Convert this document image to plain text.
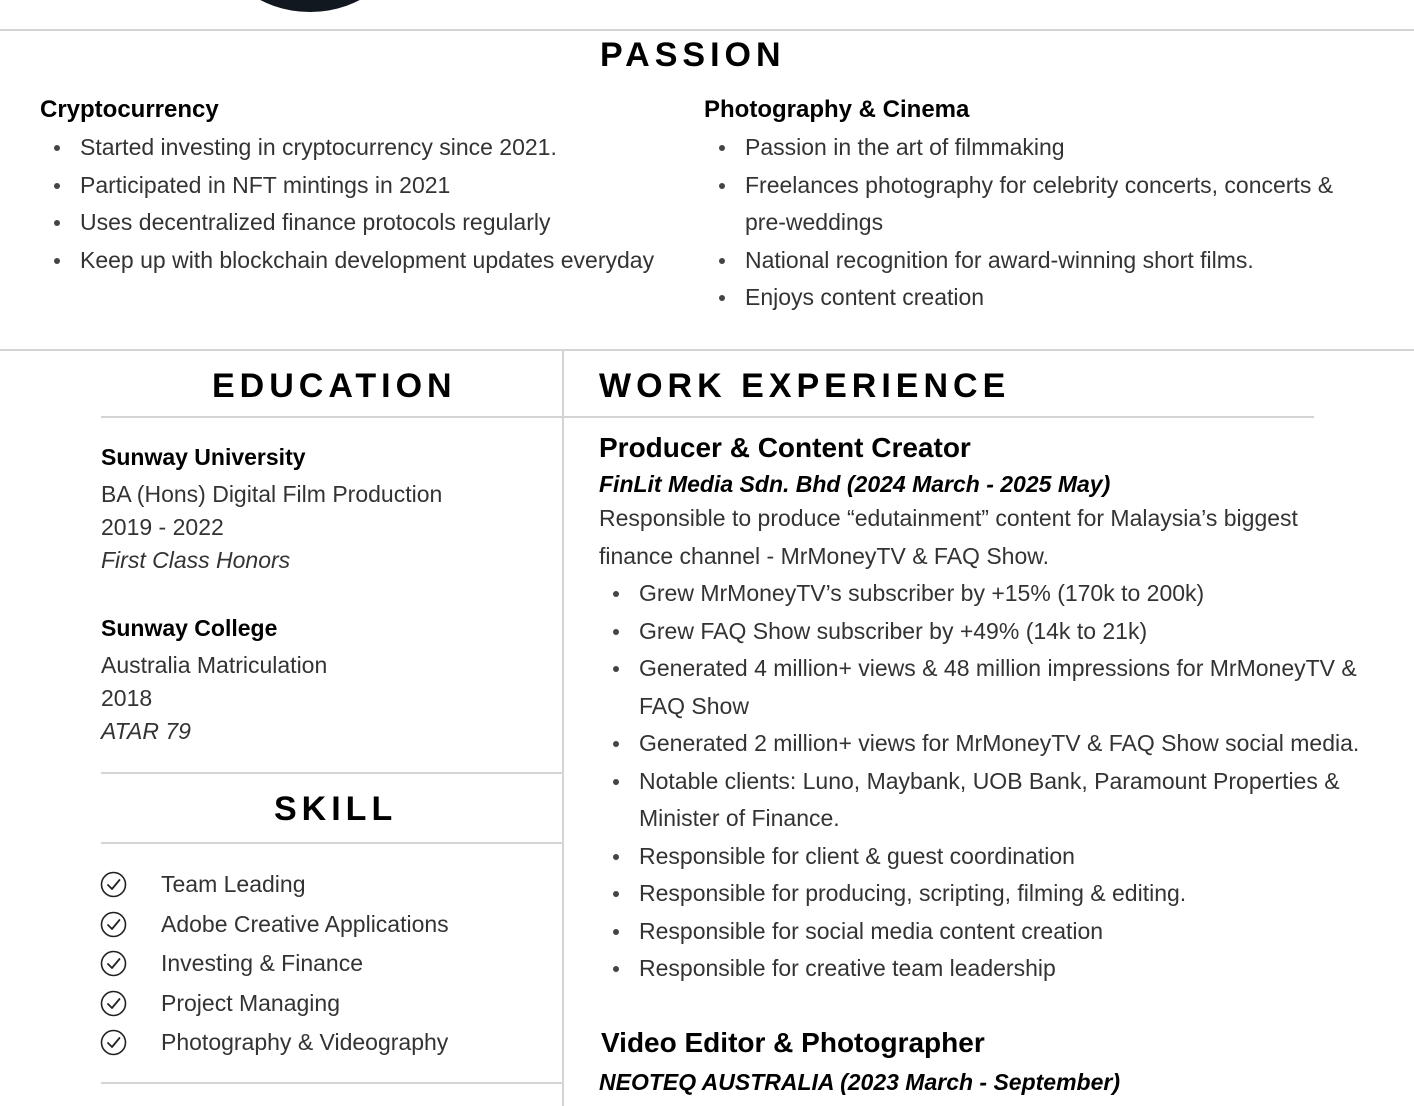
PASSION
Cryptocurrency
Started investing in cryptocurrency since 2021.
Participated in NFT mintings in 2021
Uses decentralized finance protocols regularly
Keep up with blockchain development updates everyday
Photography & Cinema
Passion in the art of filmmaking
Freelances photography for celebrity concerts, concerts & pre-weddings
National recognition for award-winning short films.
Enjoys content creation
EDUCATION
Sunway University
BA (Hons) Digital Film Production
2019 - 2022
First Class Honors
Sunway College
Australia Matriculation
2018
ATAR 79
SKILL
Team Leading
Adobe Creative Applications
Investing & Finance
Project Managing
Photography & Videography
WORK EXPERIENCE
Producer & Content Creator
FinLit Media Sdn. Bhd (2024 March - 2025 May)
Responsible to produce “edutainment” content for Malaysia’s biggest finance channel - MrMoneyTV & FAQ Show.
Grew MrMoneyTV’s subscriber by +15% (170k to 200k)
Grew FAQ Show subscriber by +49% (14k to 21k)
Generated 4 million+ views & 48 million impressions for MrMoneyTV & FAQ Show
Generated 2 million+ views for MrMoneyTV & FAQ Show social media.
Notable clients: Luno, Maybank, UOB Bank, Paramount Properties & Minister of Finance.
Responsible for client & guest coordination
Responsible for producing, scripting, filming & editing.
Responsible for social media content creation
Responsible for creative team leadership
Video Editor & Photographer
NEOTEQ AUSTRALIA (2023 March - September)
